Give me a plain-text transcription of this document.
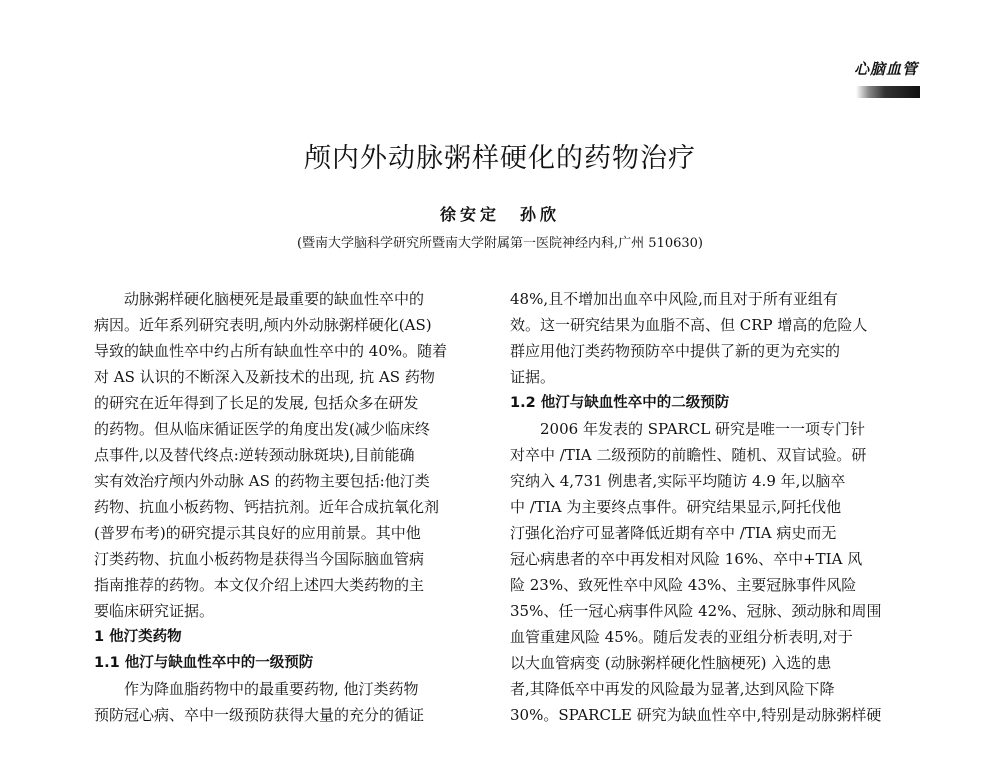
心脑血管
颅内外动脉粥样硬化的药物治疗
徐安定　孙欣
(暨南大学脑科学研究所暨南大学附属第一医院神经内科,广州 510630)
动脉粥样硬化脑梗死是最重要的缺血性卒中的
病因。近年系列研究表明,颅内外动脉粥样硬化(AS)
导致的缺血性卒中约占所有缺血性卒中的 40%。随着
对 AS 认识的不断深入及新技术的出现, 抗 AS 药物
的研究在近年得到了长足的发展, 包括众多在研发
的药物。但从临床循证医学的角度出发(减少临床终
点事件,以及替代终点:逆转颈动脉斑块),目前能确
实有效治疗颅内外动脉 AS 的药物主要包括:他汀类
药物、抗血小板药物、钙拮抗剂。近年合成抗氧化剂
(普罗布考)的研究提示其良好的应用前景。其中他
汀类药物、抗血小板药物是获得当今国际脑血管病
指南推荐的药物。本文仅介绍上述四大类药物的主
要临床研究证据。
1 他汀类药物
1.1 他汀与缺血性卒中的一级预防
作为降血脂药物中的最重要药物, 他汀类药物
预防冠心病、卒中一级预防获得大量的充分的循证
48%,且不增加出血卒中风险,而且对于所有亚组有
效。这一研究结果为血脂不高、但 CRP 增高的危险人
群应用他汀类药物预防卒中提供了新的更为充实的
证据。
1.2 他汀与缺血性卒中的二级预防
2006 年发表的 SPARCL 研究是唯一一项专门针
对卒中 /TIA 二级预防的前瞻性、随机、双盲试验。研
究纳入 4,731 例患者,实际平均随访 4.9 年,以脑卒
中 /TIA 为主要终点事件。研究结果显示,阿托伐他
汀强化治疗可显著降低近期有卒中 /TIA 病史而无
冠心病患者的卒中再发相对风险 16%、卒中+TIA 风
险 23%、致死性卒中风险 43%、主要冠脉事件风险
35%、任一冠心病事件风险 42%、冠脉、颈动脉和周围
血管重建风险 45%。随后发表的亚组分析表明,对于
以大血管病变 (动脉粥样硬化性脑梗死) 入选的患
者,其降低卒中再发的风险最为显著,达到风险下降
30%。SPARCLE 研究为缺血性卒中,特别是动脉粥样硬
